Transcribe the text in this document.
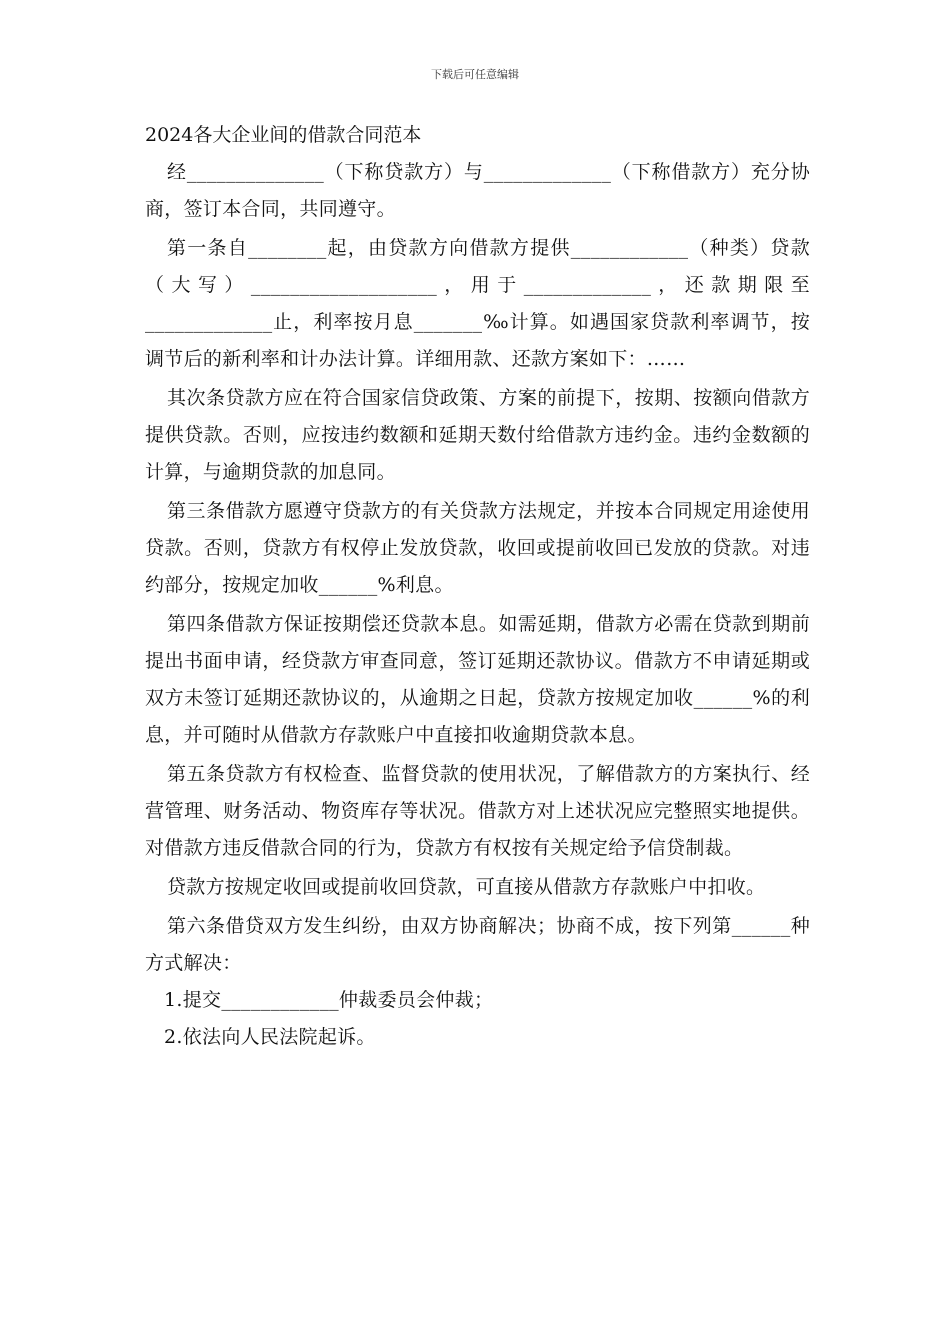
下载后可任意编辑
2024各大企业间的借款合同范本

经______________（下称贷款方）与_____________（下称借款方）充分协商，签订本合同，共同遵守。

第一条自________起，由贷款方向借款方提供____________（种类）贷款（大写）___________________，用于_____________，还款期限至_____________止，利率按月息_______‰计算。如遇国家贷款利率调节，按调节后的新利率和计办法计算。详细用款、还款方案如下：……

其次条贷款方应在符合国家信贷政策、方案的前提下，按期、按额向借款方提供贷款。否则，应按违约数额和延期天数付给借款方违约金。违约金数额的计算，与逾期贷款的加息同。

第三条借款方愿遵守贷款方的有关贷款方法规定，并按本合同规定用途使用贷款。否则，贷款方有权停止发放贷款，收回或提前收回已发放的贷款。对违约部分，按规定加收______%利息。

第四条借款方保证按期偿还贷款本息。如需延期，借款方必需在贷款到期前提出书面申请，经贷款方审查同意，签订延期还款协议。借款方不申请延期或双方未签订延期还款协议的，从逾期之日起，贷款方按规定加收______%的利息，并可随时从借款方存款账户中直接扣收逾期贷款本息。

第五条贷款方有权检查、监督贷款的使用状况，了解借款方的方案执行、经营管理、财务活动、物资库存等状况。借款方对上述状况应完整照实地提供。对借款方违反借款合同的行为，贷款方有权按有关规定给予信贷制裁。

贷款方按规定收回或提前收回贷款，可直接从借款方存款账户中扣收。

第六条借贷双方发生纠纷，由双方协商解决；协商不成，按下列第______种方式解决：

1.提交____________仲裁委员会仲裁；

2.依法向人民法院起诉。
